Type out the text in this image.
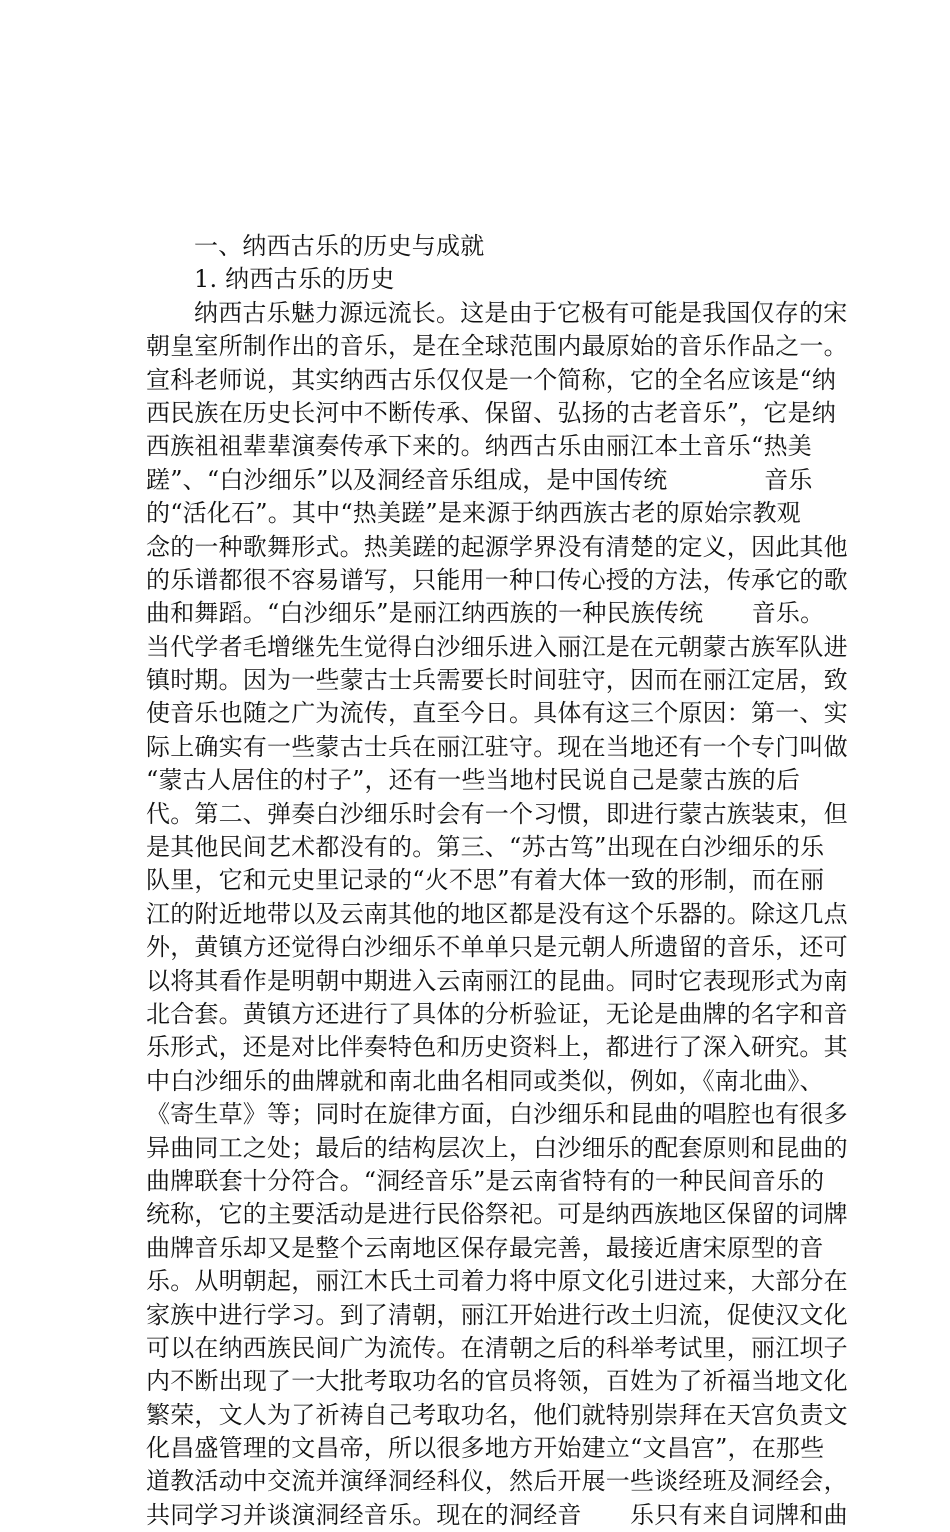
一、纳西古乐的历史与成就
1. 纳西古乐的历史
纳西古乐魅力源远流长。这是由于它极有可能是我国仅存的宋
朝皇室所制作出的音乐，是在全球范围内最原始的音乐作品之一。
宣科老师说，其实纳西古乐仅仅是一个简称，它的全名应该是“纳
西民族在历史长河中不断传承、保留、弘扬的古老音乐”，它是纳
西族祖祖辈辈演奏传承下来的。纳西古乐由丽江本土音乐“热美
蹉”、“白沙细乐”以及洞经音乐组成，是中国传统　　　　音乐
的“活化石”。其中“热美蹉”是来源于纳西族古老的原始宗教观
念的一种歌舞形式。热美蹉的起源学界没有清楚的定义，因此其他
的乐谱都很不容易谱写，只能用一种口传心授的方法，传承它的歌
曲和舞蹈。“白沙细乐”是丽江纳西族的一种民族传统　　音乐。
当代学者毛增继先生觉得白沙细乐进入丽江是在元朝蒙古族军队进
镇时期。因为一些蒙古士兵需要长时间驻守，因而在丽江定居，致
使音乐也随之广为流传，直至今日。具体有这三个原因：第一、实
际上确实有一些蒙古士兵在丽江驻守。现在当地还有一个专门叫做
“蒙古人居住的村子”，还有一些当地村民说自己是蒙古族的后
代。第二、弹奏白沙细乐时会有一个习惯，即进行蒙古族装束，但
是其他民间艺术都没有的。第三、“苏古笃”出现在白沙细乐的乐
队里，它和元史里记录的“火不思”有着大体一致的形制，而在丽
江的附近地带以及云南其他的地区都是没有这个乐器的。除这几点
外，黄镇方还觉得白沙细乐不单单只是元朝人所遗留的音乐，还可
以将其看作是明朝中期进入云南丽江的昆曲。同时它表现形式为南
北合套。黄镇方还进行了具体的分析验证，无论是曲牌的名字和音
乐形式，还是对比伴奏特色和历史资料上，都进行了深入研究。其
中白沙细乐的曲牌就和南北曲名相同或类似，例如，《南北曲》、
《寄生草》等；同时在旋律方面，白沙细乐和昆曲的唱腔也有很多
异曲同工之处；最后的结构层次上，白沙细乐的配套原则和昆曲的
曲牌联套十分符合。“洞经音乐”是云南省特有的一种民间音乐的
统称，它的主要活动是进行民俗祭祀。可是纳西族地区保留的词牌
曲牌音乐却又是整个云南地区保存最完善，最接近唐宋原型的音
乐。从明朝起，丽江木氏土司着力将中原文化引进过来，大部分在
家族中进行学习。到了清朝，丽江开始进行改土归流，促使汉文化
可以在纳西族民间广为流传。在清朝之后的科举考试里，丽江坝子
内不断出现了一大批考取功名的官员将领，百姓为了祈福当地文化
繁荣，文人为了祈祷自己考取功名，他们就特别崇拜在天宫负责文
化昌盛管理的文昌帝，所以很多地方开始建立“文昌宫”，在那些
道教活动中交流并演绎洞经科仪，然后开展一些谈经班及洞经会，
共同学习并谈演洞经音乐。现在的洞经音　　乐只有来自词牌和曲
